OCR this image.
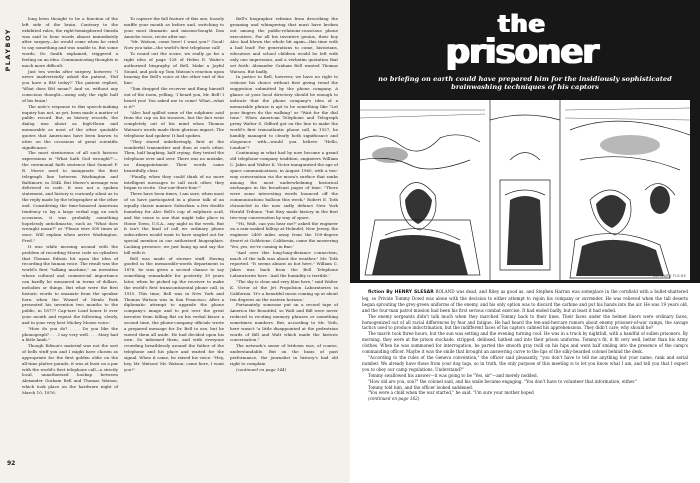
PLAYBOY

long been thought to be a function of the left side of the brain. Contrary to the exhibited rules, the right-hemisphered Omeda was said to hear words almost immediately after surgery—he would come when he cried to say something and was unable to. But some words, Dr. Smith explained, triggered a feeling on an idea. Communicating thoughts is much more difficult.

Just ten weeks after surgery, however, "I never inadvertently asked the patient, 'Did you have a BM today?' The patient replied, 'What does BM mean?' And so, without any conscious thought—using only the right half of his brain!

The note's response to this speech-making inquiry has not, as yet, been made a matter of public record. But, as history records, the dialog was about as high-flown and memorable as most of the other quotable quotes that Americans have been known to utter on the occasions of great scientific significance.

The most stentorious of all such historic expressions is "What hath God wrought?"—the ceremonial faith sentence that Samuel F. B. Morse used to inaugurate the first telegraph line between Washington and Baltimore, in 1844. But Morse's message was delivered in code. It was not a spoken statement, and history is curiously silent as to the reply made by the telegrapher at the other end. Considering the time-honored American tendency to lay a large verbal egg on such occasions, it was probably something hopelessly anticlimactic, such as "What does wrought mean?" or "Please wire 300 times at once. Will explain when arrive Washington. Fred."

It was while messing around with the problem of recording Morse code on cylinders that Thomas Edison hit upon the idea of recording the human voice. The result was the world's first "talking machine," an invention whose cultural and commercial importance can hardly be measured in terms of dollars, melodies or things. But what were the first historic words to emanate from the speaker horn when the Wizard of Menlo Park presented his invention two months to the public, in 1877? Cap-tare Load boner It over your mouth and repeat the following, slowly, and in your very best Mickey Mouse voice:

"How do you do? . . . Do you like the phonograph? . . . I say very well. . . . Mary had a little lamb."

Though Edison's material was not the sort of bells stuff you and I might have chosen as appropriate for the first golden oldie on the all-time platter parade, it was at least on a par with the world's first telephone call—a strictly local, unauthorized hookup between Alexander Graham Bell and Thomas Watson, which took place on the hardware night of March 10, 1876.

To capture the full feature of this one, loosely muffle your mouth as before and, switching to your most dramatic and mission-bought Don Ameche voice, recite after me:

"Mr. Watson, come here! I want you!" Good! Now you take—the world's first telephone call!

To round out the scene, we really go for a right idea of page 128 of Helen E. Waite's authorized biography of Bell, Make a Joyful Sound, and pick up Tom Watson's reaction upon hearing the Bell's voice at the other end of the line:

"Tom dropped the receiver and flung himself out of the room, yelling, 'I heard you, Mr. Bell! I heard you! You asked me to come! What—what is it?'

"Alec had spilled some of the sulphuric acid from the cup on his trousers, but the fact went completely out of his mind when Thomas Watson's words made their glorious impact. The telephone had spoken! It had spoken.

"They stared unbelievingly, first at the wonderful transmitter and then at each other. Then, half laughing, half crying, they tested the telephone over and over. There was no mistake, no disappointment. Their words came beautifully clear.

"Finally, when they could think of no more intelligent messages to call each other, they began to recite. 'Our-our-there-four.'"

There have been times, I am sure, when most of us have participated in a phone talk of an equally classic manner. Suburban: a few double homebuy for Alec Bell's cup of sulphuric acid, and the sense is one that might take place in Home Town, U.S.A., any night in the week. But it isn't the kind of call we ordinary phone subscribers would want to have singled out for special mention in our authorized biographies. Lacking presence, we just hung up and say the bill with it.

Bell was made of sterner stuff. Having goofed in the memorable-words department in 1876, he was given a second chance to say something remarkable for posterity 39 years later, when he picked up the receiver to make the world's first transcontinental phone call, in 1915. This time, Bell was in New York and Thomas Watson was in San Francisco. After a diplomatic attempt to upgrade the phone company's image and to put over the great inventor from falling flat on his verbal kisser a second time, the phone-company officials wrote a prepared message for Dr. Bell to use, but he waved them all aside. He had decided upon his own. So informed them, and with everyone crowding breathlessly around the father of the telephone and his place and waited for the signal. When it came, he raised his voice: "Hey, hey, Mr. Watson! Mr. Watson, come here, I want you!"

Bell's biographer refrains from describing the groaning and whimpering that must have broken out among the public-relations-conscious phone executives. For all his inventive genius, their boy Alec had blown the whole bit again—this time with a bad lead! For generations to come, historians, educators and school children would be left with only one impression, and a verbatim quotation that set forth: Alexander Graham Bell wanted Thomas Watson. But badly.

In justice to Bell, however, we have no right to criticize his choice without first giving tread the suggestion submitted by the phone company. A glance at your local directory should be enough to indicate that the phone company's idea of a memorable phrase is apt to be something like "Let your fingers do the walking" or "Wait for the dial tone." When American Telephone and Telegraph prexy Walter S. Gifford got on the line to make the world's first transatlantic phone call, in 1927, he handily managed to clearly both significance and eloquence with—would you believe "Hello, London"?

Continuing in what had by now become a grand old telephone-company tradition, engineers William C. Jakes and Walter K. Victor inaugurated the age of space communications, in August 1960, with a two-way conversation via the moon's surface that ranks among the most underwhelming historical exchanges in the broadcast pages of time. "There were some interesting words bounced off the communications balloon this week," Robert E. Toth chronicled in the now sadly defunct New York Herald Tribune, "but they made history in the first two-way conversation by way of space.

"'Hi, Walt, can you hear me?' asked the engineer on a rain-soaked hilltop at Holmdel, New Jersey, the engineer 2400 miles away from the 100-degree desert at Goldstone, California, came the answering 'Yes, yes, we're coming in fine.'

"And over this long-long-distance connection, much of the talk was about the weather," Mr. Toth reported. "It seems almost as hot here," William C. Jakes was back from the Bell Telephone Laboratories here. 'And the humidity is terrible.'

"The sky is clear and very blue here," said Walter K. Victor at the Jet Propulsion Laboratories in California. 'It's a beautiful moon coming up at about ten degrees on the eastern horizon.'

Fortunately, someone put on a record tape of America the Beautiful, so Walt and Bill were never reduced to reciting memory phrases or something sometimes numbers. But, according to Mr. Toth, here wasn't "a little disappointed at the pedestrian words of Bill and Walt which made the historic conversation."

The network's sense of letdown was, of course, understandable. But on the basis of past performance, the journalist in history's bad old right to complain

(continued on page 144)

92
the
prisoner
no briefing on earth could have prepared him for the insidiously sophisticated brainwashing techniques of his captors
BERNARD FUCHS

fiction By HENRY SLESAR ROLAND was dead, and Riley as good as, and Stephen Harran was someplace in the cornfield with a bullet-shattered leg, so Private Tommy Dowd was alone with the decision to either attempt to rejoin his company or surrender. He was relieved when the tall deserts began sprouting the grey-green uniforms of the enemy, and his only option was to discard the carbine and put his hands into the air. He was 19 years old, and the four-man patrol mission had been his first serious combat exercise. It had ended badly, but at least it had ended.

The enemy sergeants didn't talk much when they marched Tommy back to their lines. Their faces under the helmet liners were ordinary faces, homogenized out of all racial differences by fear and fatigue. He had heard the ten-and-hercare rumors about enemy prisoner-of-war camps, the savage tactics used to produce indoctrination, but the indifferent faces of his captors calmed his apprehensions. They didn't care; why should he?

The march took three hours, but the sun was setting and the evening turning cool. He was in a truck by nightfall, with a handful of sullen prisoners. By morning, they were at the prison stockade, stripped, delinsed, bathed and into their prison uniforms. Tommy's fit, it fit very well, better than his Army clothes. When he was summoned for interrogation, he parted the smooth gray twill on his hips and went half smiling into the presence of the camp's commanding officer. Maybe it was the smile that brought an answering curve to the lips of the silky-bearded colonel behind the desk.

"According to the rules of the Geneva convention," the officer said pleasantly, "you don't have to tell me anything but your name, rank and serial number. We already have those from your dog tags, so in truth, the only purpose of this meeting is to let you know what I am, and tell you that I expect you to obey our camp regulations. Understand?"

Tommy swallowed his answer—it was going to be "Yes, sir"—and merely nodded.

"How old are you, son?" the colonel said, and his smile became engaging. "You don't have to volunteer that information, either."

Tommy told him, and the officer looked saddened.

"You were a child when the war started," he said. "I'm sure your mother hoped

(continued on page 162)
